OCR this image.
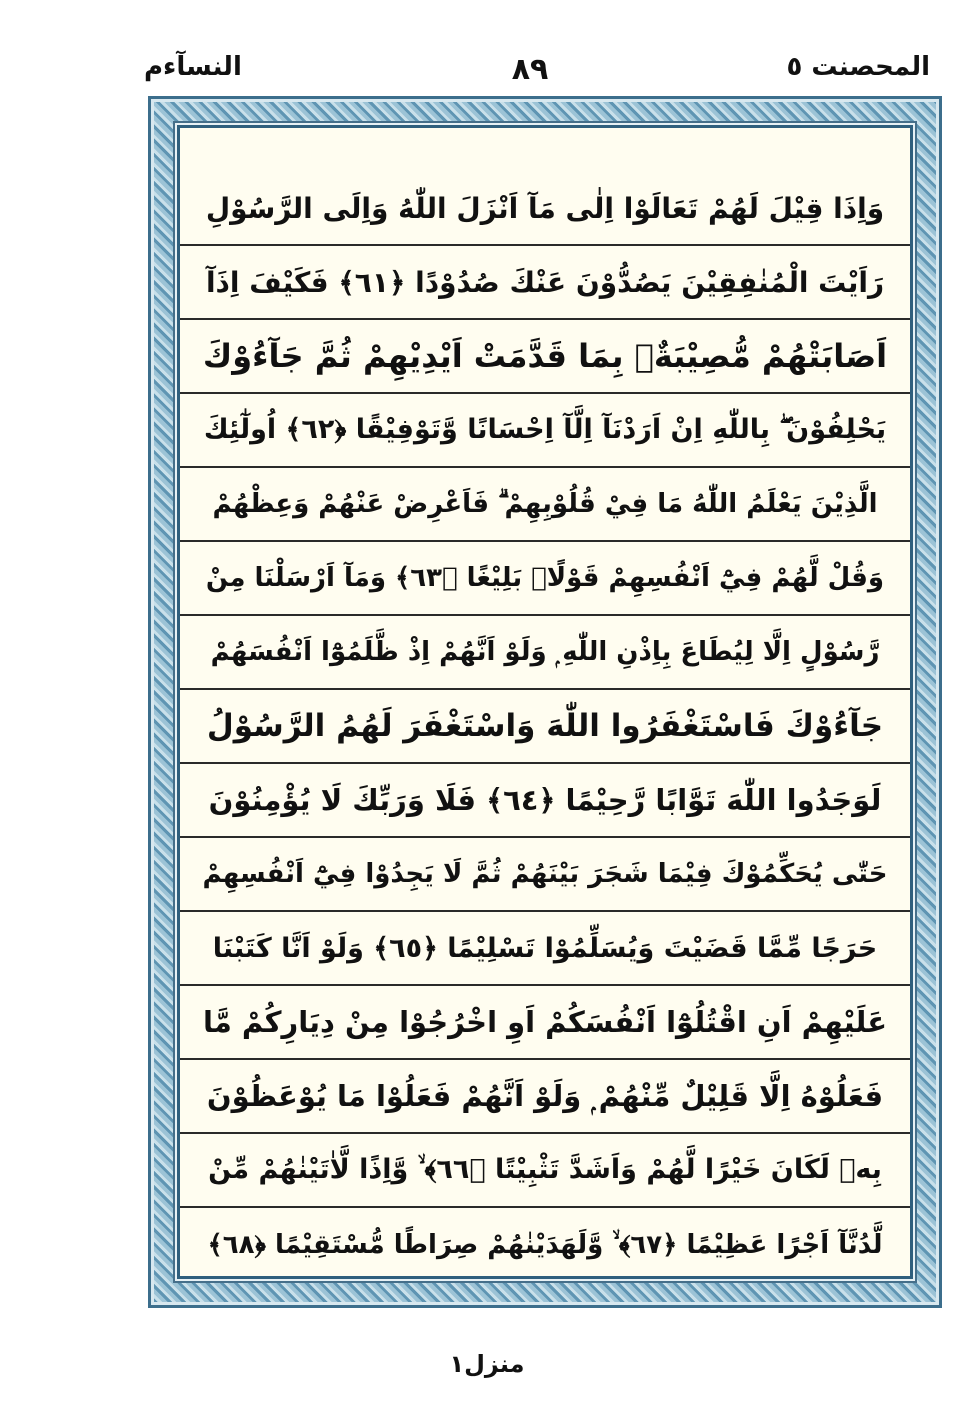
النسآءم	٨٩	المحصنت ٥
وَاِذَا قِيْلَ لَهُمْ تَعَالَوْا اِلٰى مَآ اَنْزَلَ اللّٰهُ وَاِلَى الرَّسُوْلِ
رَاَيْتَ الْمُنٰفِقِيْنَ يَصُدُّوْنَ عَنْكَ صُدُوْدًا ﴿٦١﴾ فَكَيْفَ اِذَآ
اَصَابَتْهُمْ مُّصِيْبَةٌۢ بِمَا قَدَّمَتْ اَيْدِيْهِمْ ثُمَّ جَآءُوْكَ
يَحْلِفُوْنَ ۖ بِاللّٰهِ اِنْ اَرَدْنَآ اِلَّآ اِحْسَانًا وَّتَوْفِيْقًا ﴿٦٢﴾ اُولٰٓئِكَ
الَّذِيْنَ يَعْلَمُ اللّٰهُ مَا فِيْ قُلُوْبِهِمْ ۗ فَاَعْرِضْ عَنْهُمْ وَعِظْهُمْ
وَقُلْ لَّهُمْ فِيْٓ اَنْفُسِهِمْ قَوْلًاۢ بَلِيْغًا ﴿٦٣﴾ وَمَآ اَرْسَلْنَا مِنْ
رَّسُوْلٍ اِلَّا لِيُطَاعَ بِاِذْنِ اللّٰهِ ۭ وَلَوْ اَنَّهُمْ اِذْ ظَّلَمُوْٓا اَنْفُسَهُمْ
جَآءُوْكَ فَاسْتَغْفَرُوا اللّٰهَ وَاسْتَغْفَرَ لَهُمُ الرَّسُوْلُ
لَوَجَدُوا اللّٰهَ تَوَّابًا رَّحِيْمًا ﴿٦٤﴾ فَلَا وَرَبِّكَ لَا يُؤْمِنُوْنَ
حَتّٰى يُحَكِّمُوْكَ فِيْمَا شَجَرَ بَيْنَهُمْ ثُمَّ لَا يَجِدُوْا فِيْٓ اَنْفُسِهِمْ
حَرَجًا مِّمَّا قَضَيْتَ وَيُسَلِّمُوْا تَسْلِيْمًا ﴿٦٥﴾ وَلَوْ اَنَّا كَتَبْنَا
عَلَيْهِمْ اَنِ اقْتُلُوْٓا اَنْفُسَكُمْ اَوِ اخْرُجُوْا مِنْ دِيَارِكُمْ مَّا
فَعَلُوْهُ اِلَّا قَلِيْلٌ مِّنْهُمْ ۭ وَلَوْ اَنَّهُمْ فَعَلُوْا مَا يُوْعَظُوْنَ
بِهٖ لَكَانَ خَيْرًا لَّهُمْ وَاَشَدَّ تَثْبِيْتًا ﴿٦٦﴾ ۙ وَّاِذًا لَّاٰتَيْنٰهُمْ مِّنْ
لَّدُنَّآ اَجْرًا عَظِيْمًا ﴿٦٧﴾ ۙ وَّلَهَدَيْنٰهُمْ صِرَاطًا مُّسْتَقِيْمًا ﴿٦٨﴾
منزل١
